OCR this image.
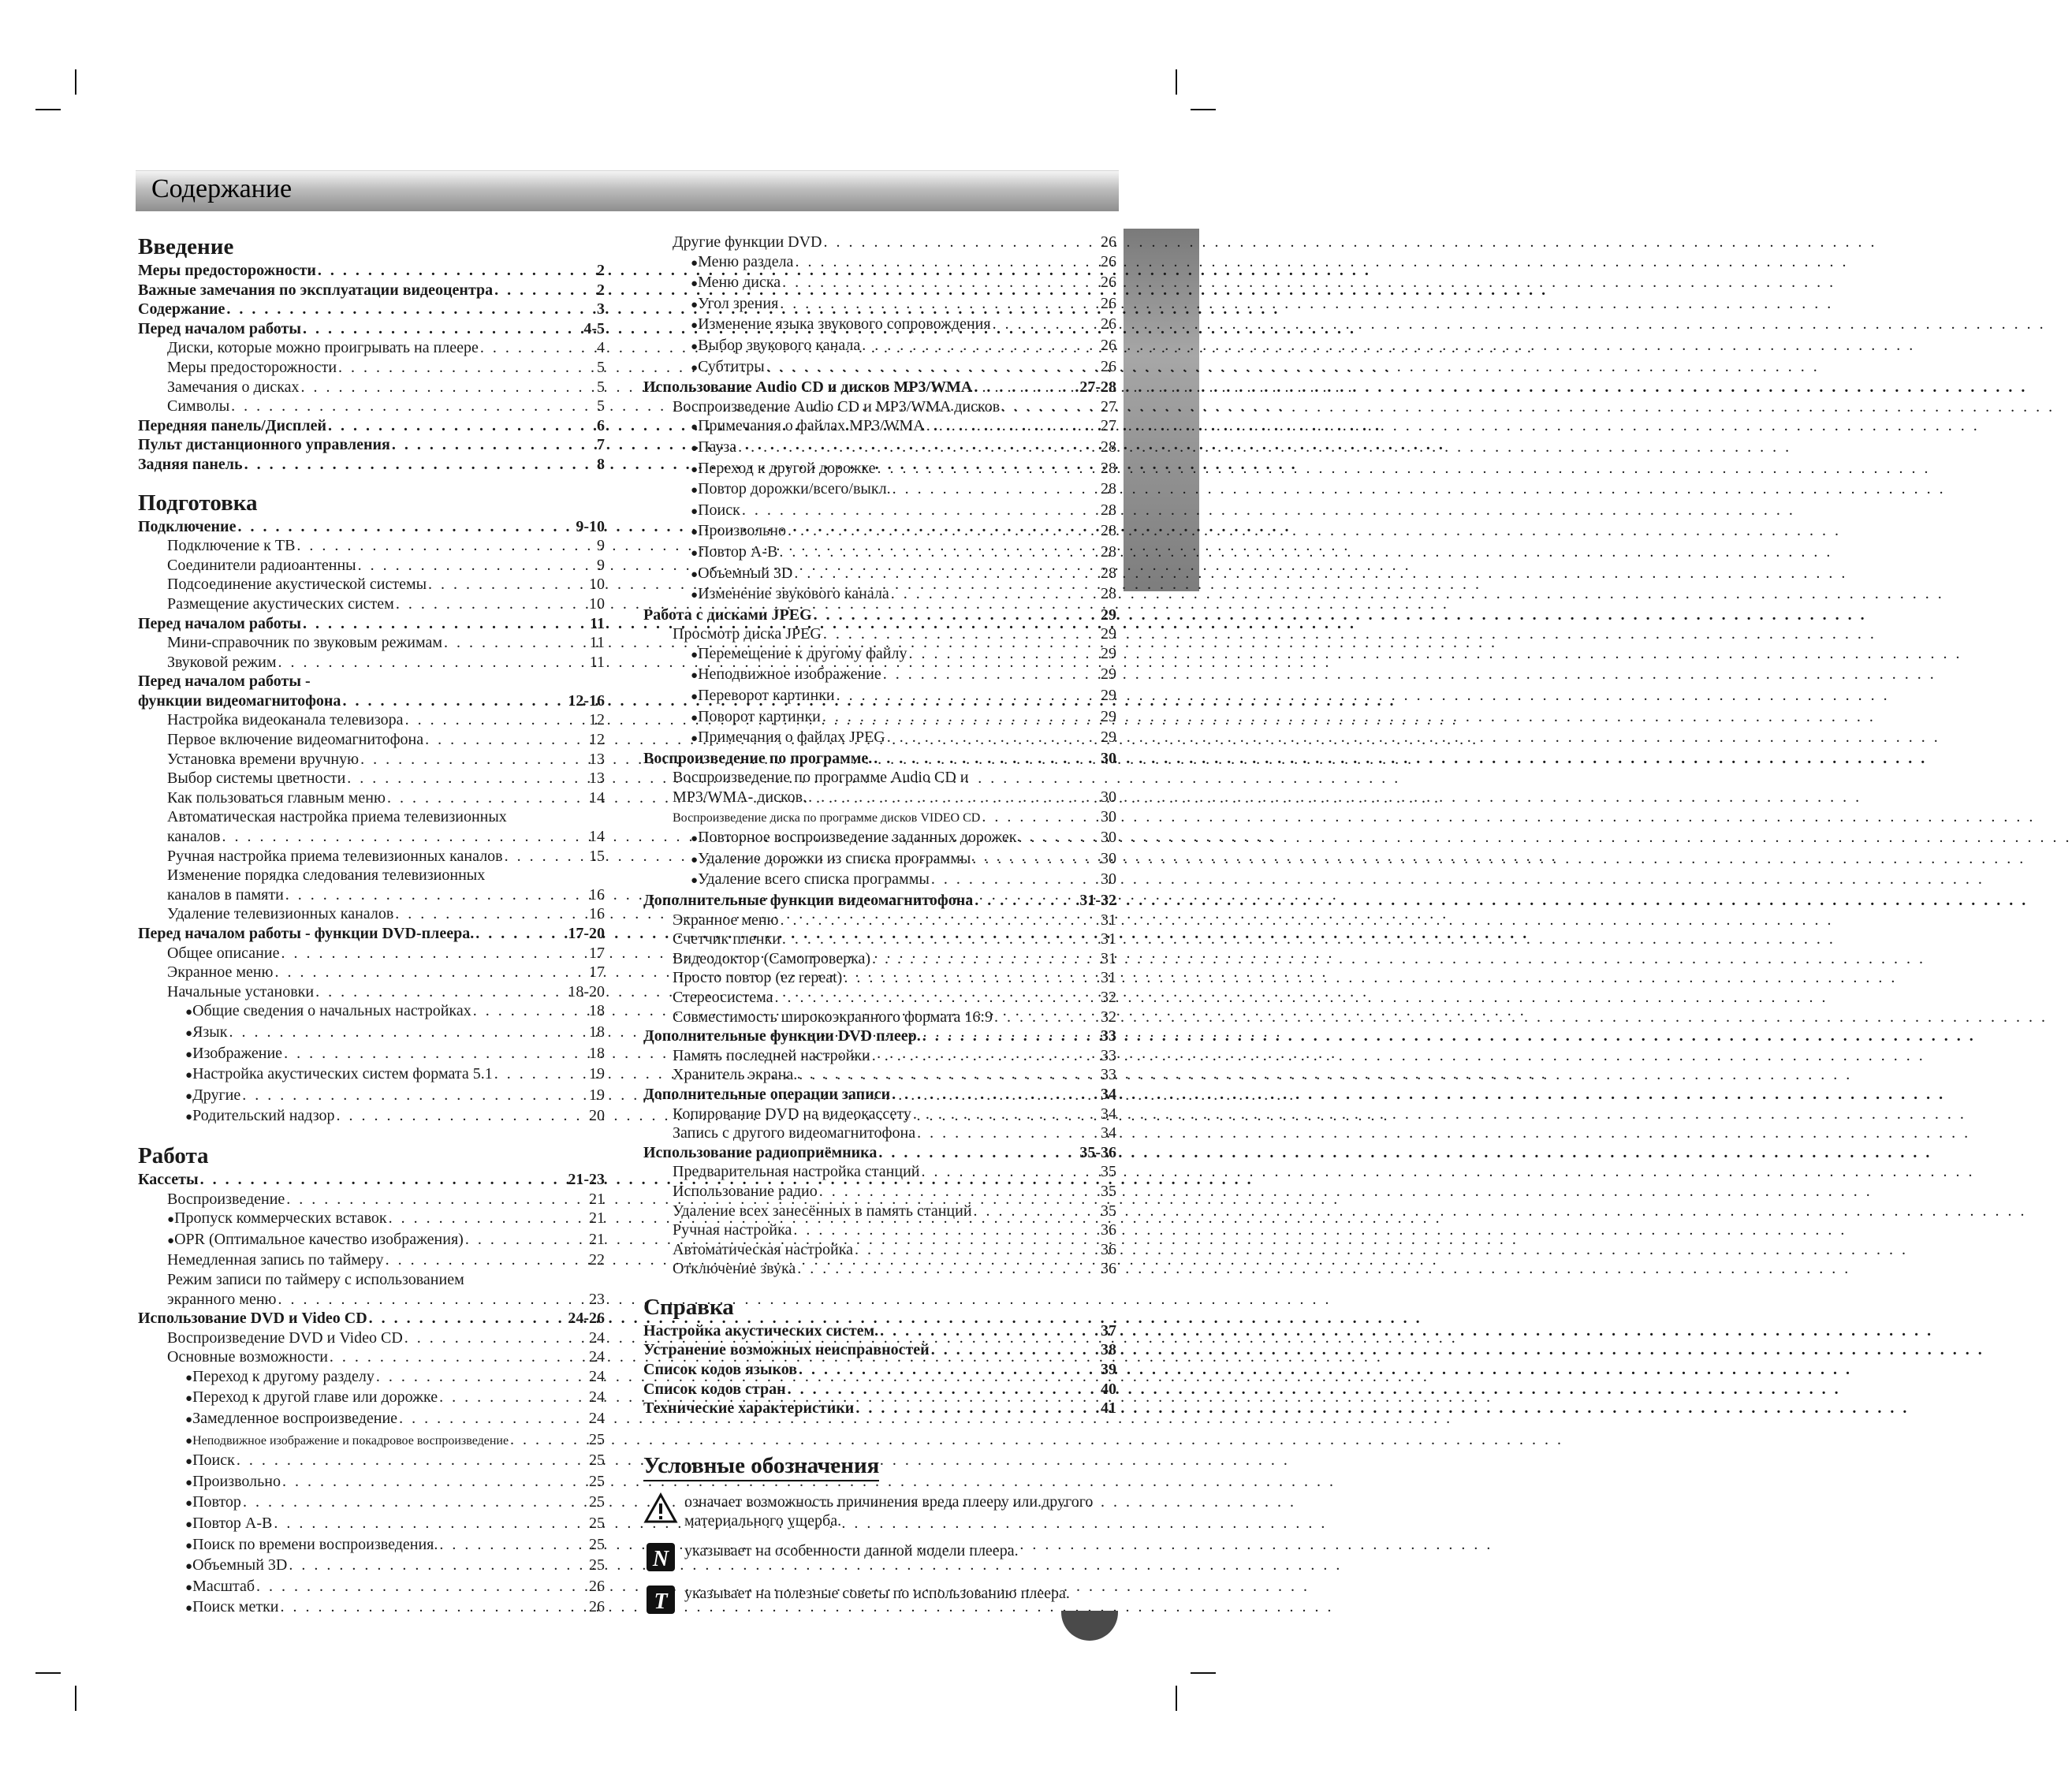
Содержание
Введение
Меры предосторожности . . .	2
Важные замечания по эксплуатации видеоцентра . . .	2
Содержание . . .	3
Перед началом работы . . .	4-5
Диски, которые можно проигрывать на плеере . . .	4
Меры предосторожности . . .	5
Замечания о дисках . . .	5
Символы . . .	5
Передняя панель/Дисплей . . .	6
Пульт дистанционного управления . . .	7
Задняя панель . . .	8
Подготовка
Подключение . . .	9-10
Подключение к ТВ . . .	9
Соединители радиоантенны . . .	9
Подсоединение акустической системы . . .	10
Размещение акустических систем . . .	10
Перед началом работы . . .	11
Мини-справочник по звуковым режимам . . .	11
Звуковой режим . . .	11
Перед началом работы -
функции видеомагнитофона . . .	12-16
Настройка видеоканала телевизора . . .	12
Первое включение видеомагнитофона . . .	12
Установка времени вручную . . .	13
Выбор системы цветности . . .	13
Как пользоваться главным меню . . .	14
Автоматическая настройка приема телевизионных
каналов . . .	14
Ручная настройка приема телевизионных каналов . . .	15
Изменение порядка следования телевизионных
каналов в памяти . . .	16
Удаление телевизионных каналов . . .	16
Перед началом работы - функции DVD-плеера. . . .	17-20
Общее описание . . .	17
Экранное меню . . .	17
Начальные установки . . .	18-20
● Общие сведения о начальных настройках . . .	18
● Язык . . .	18
● Изображение . . .	18
● Настройка акустических систем формата 5.1 . . .	19
● Другие . . .	19
● Родительский надзор . . .	20
Работа
Кассеты . . .	21-23
Воспроизведение . . .	21
● Пропуск коммерческих вставок . . .	21
● OPR (Оптимальное качество изображения) . . .	21
Немедленная запись по таймеру . . .	22
Режим записи по таймеру с использованием
экранного меню . . .	23
Использование DVD и Video CD . . .	24-26
Воспроизведение DVD и Video CD . . .	24
Основные возможности . . .	24
● Переход к другому разделу . . .	24
● Переход к другой главе или дорожке . . .	24
● Замедленное воспроизведение . . .	24
● Неподвижное изображение и покадровое воспроизведение . . .	25
● Поиск . . .	25
● Произвольно . . .	25
● Повтор . . .	25
● Повтор A-B . . .	25
● Поиск по времени воспроизведения. . . .	25
● Объемный 3D . . .	25
● Масштаб . . .	26
● Поиск метки . . .	26
Другие функции DVD . . .	26
● Меню раздела . . .	26
● Меню диска . . .	26
● Угол зрения . . .	26
● Изменение языка звукового сопровождения . . .	26
● Выбор звукового канала . . .	26
● Субтитры . . .	26
Использование Audio CD и дисков MP3/WMA . . .	27-28
Воспроизведение Audio CD и MP3/WMA дисков . . .	27
● Примечания о файлах MP3/WMA . . .	27
● Пауза . . .	28
● Переход к другой дорожке . . .	28
● Повтор дорожки/всего/выкл. . . .	28
● Поиск . . .	28
● Произвольно . . .	28
● Повтор A-B . . .	28
● Объемный 3D . . .	28
● Изменение звукового канала . . .	28
Работа с дисками JPEG . . .	29
Просмотр диска JPEG . . .	29
● Перемещение к другому файлу . . .	29
● Неподвижное изображение . . .	29
● Переворот картинки . . .	29
● Поворот картинки . . .	29
● Примечания о файлах JPEG . . .	29
Воспроизведение по программе. . . .	30
Воспроизведение по программе Audio CD и
MP3/WMA- дисков. . . .	30
Воспроизведение диска по программе дисков VIDEO CD . . .	30
● Повторное воспроизведение заданных дорожек . . .	30
● Удаление дорожки из списка программы . . .	30
● Удаление всего списка программы . . .	30
Дополнительные функции видеомагнитофона . . .	31-32
Экранное меню . . .	31
Счетчик пленки . . .	31
Видеодоктор (Самопроверка) . . .	31
Просто повтор (ez repeat) . . .	31
Стереосистема . . .	32
Совместимость широкоэкранного формата 16:9 . . .	32
Дополнительные функции DVD плеер. . . .	33
Память последней настройки . . .	33
Хранитель экрана. . . .	33
Дополнительные операции записи . . .	34
Копирование DVD на видеокассету . . .	34
Запись с другого видеомагнитофона . . .	34
Использование радиоприёмника . . .	35-36
Предварительная настройка станций . . .	35
Использование радио . . .	35
Удаление всех занесённых в память станций . . .	35
Ручная настройка . . .	36
Автоматическая настройка . . .	36
Отключение звука . . .	36
Справка
Настройка акустических систем. . . .	37
Устранение возможных неисправностей . . .	38
Список кодов языков . . .	39
Список кодов стран . . .	40
Технические характеристики . . .	41
Условные обозначения
означает возможность причинения вреда плееру или другого материального ущерба.
N указывает на особенности данной модели плеера.
T указывает на полезные советы по использованию плеера.
